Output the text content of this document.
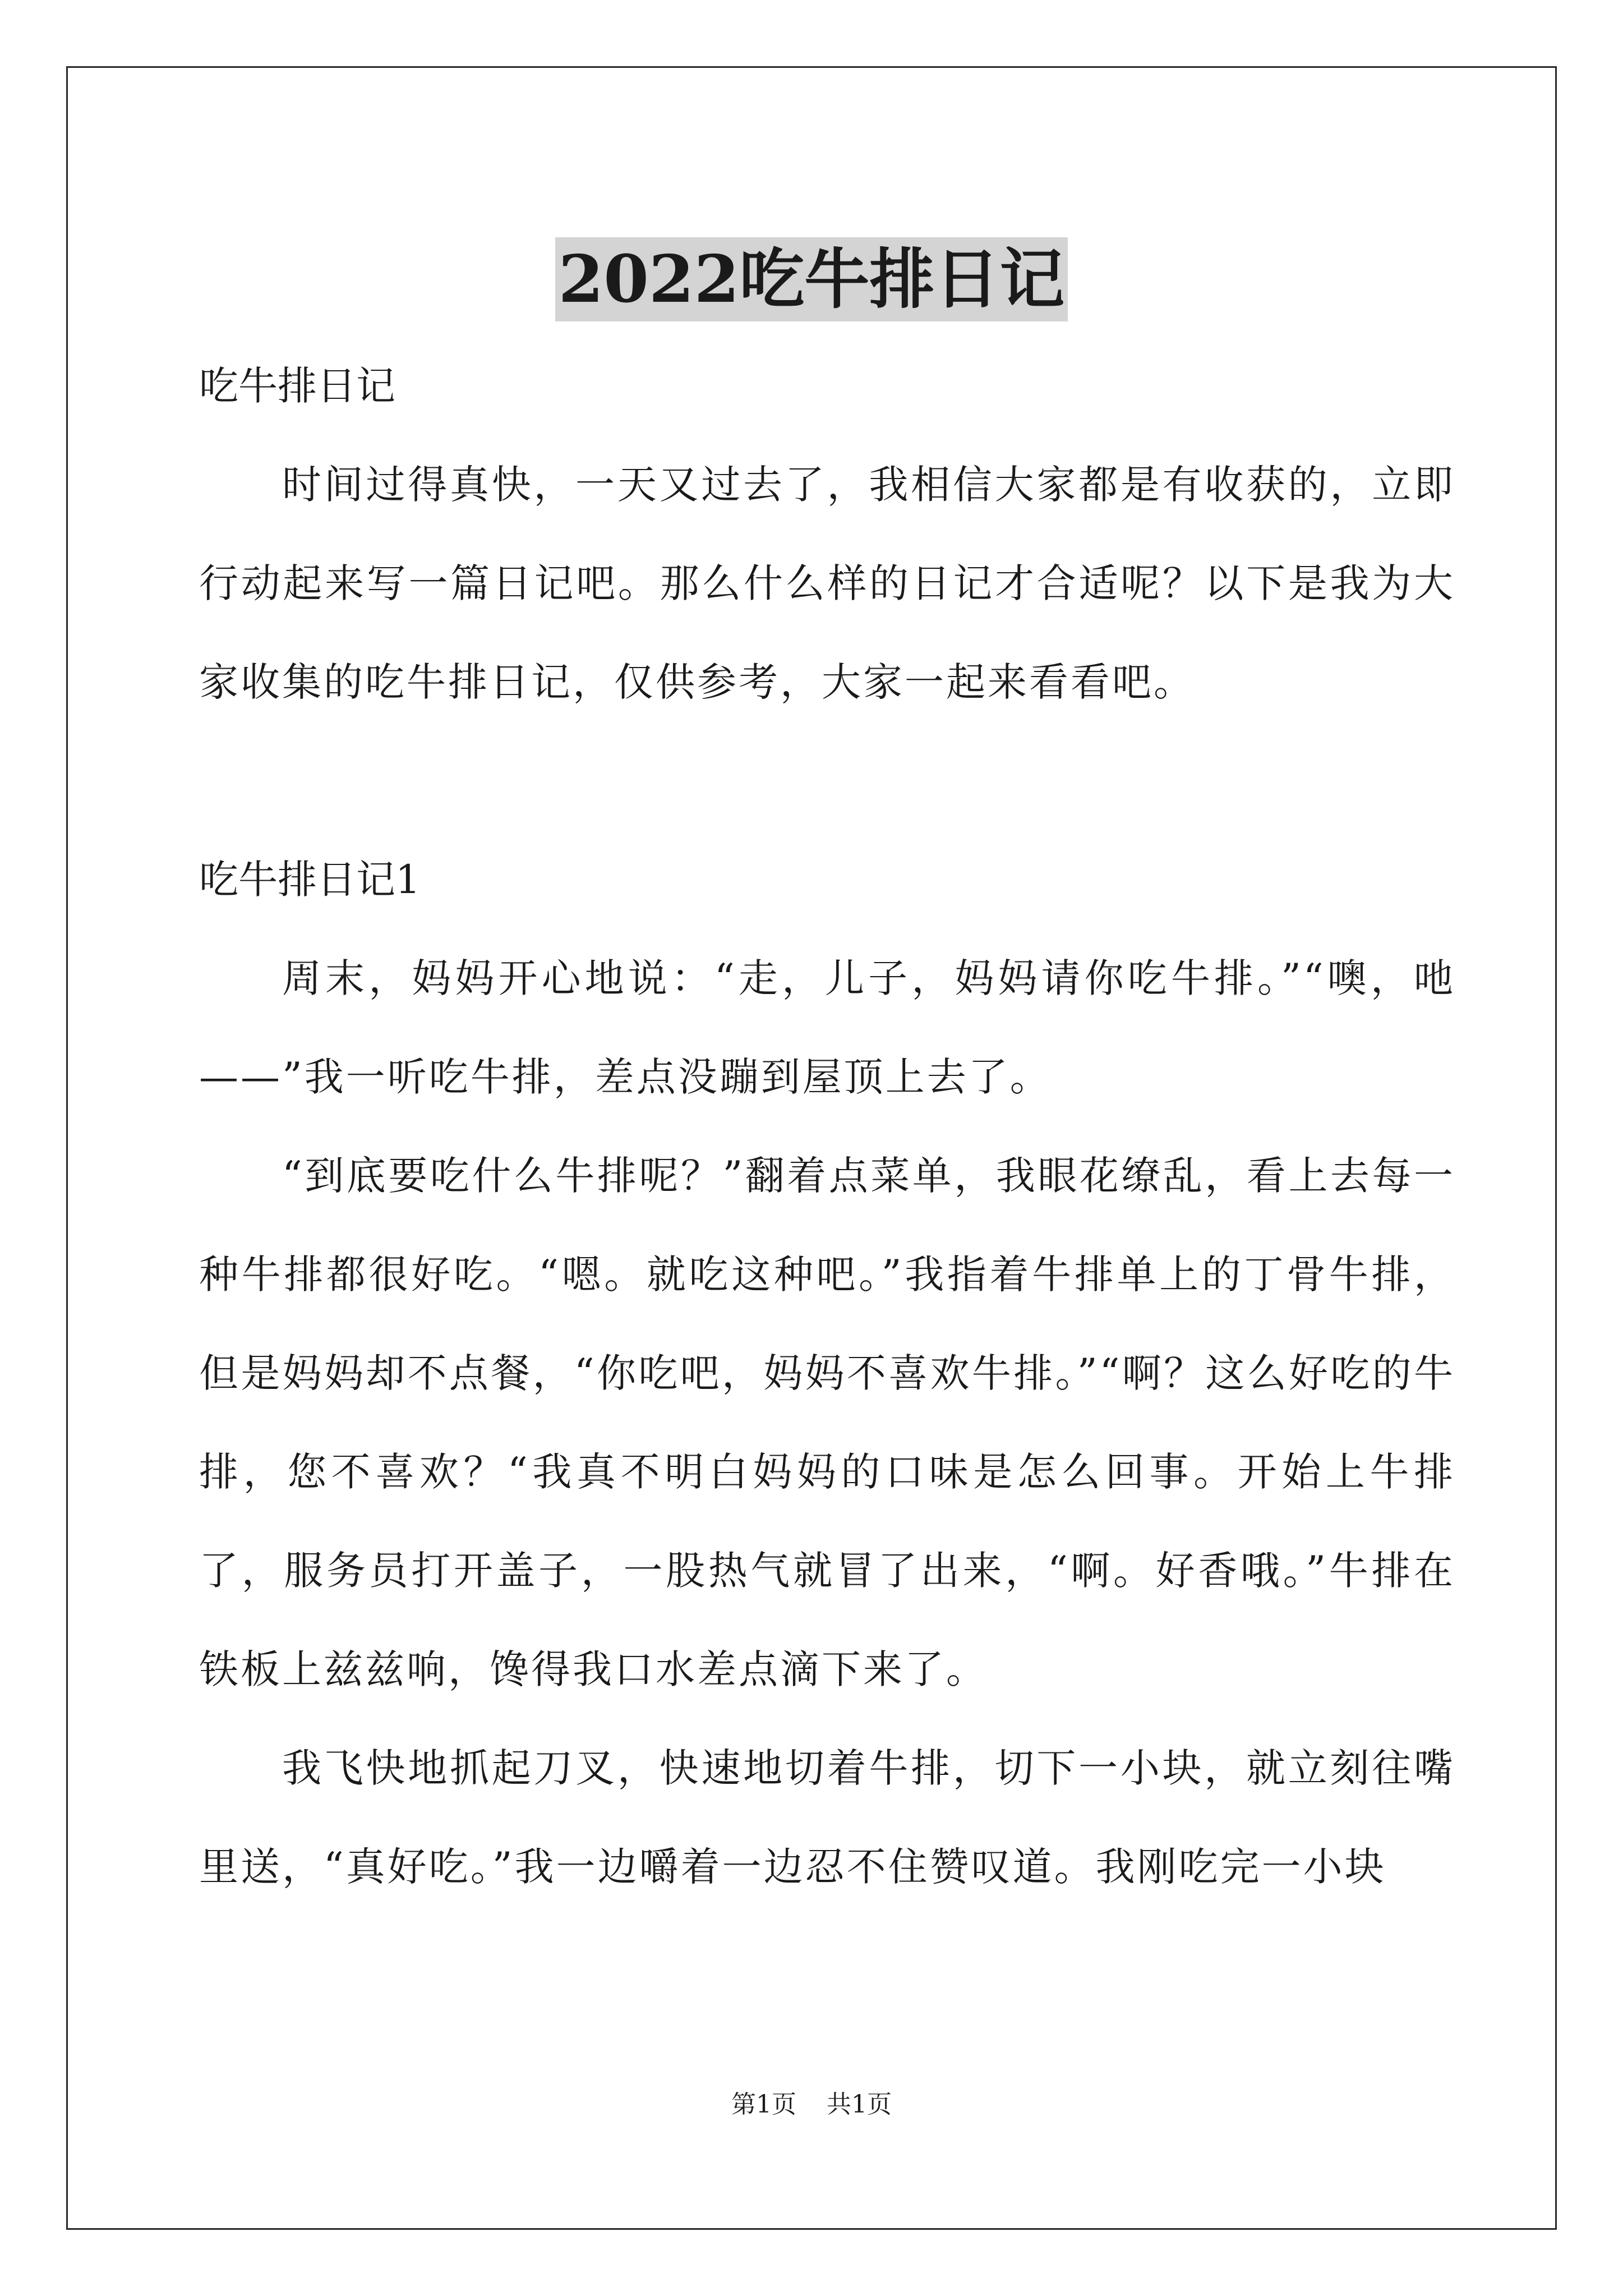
2022吃牛排日记

吃牛排日记

时间过得真快，一天又过去了，我相信大家都是有收获的，立即行动起来写一篇日记吧。那么什么样的日记才合适呢？以下是我为大家收集的吃牛排日记，仅供参考，大家一起来看看吧。

吃牛排日记1

周末，妈妈开心地说：“走，儿子，妈妈请你吃牛排。”“噢，吔——”我一听吃牛排，差点没蹦到屋顶上去了。

“到底要吃什么牛排呢？”翻着点菜单，我眼花缭乱，看上去每一种牛排都很好吃。“嗯。就吃这种吧。”我指着牛排单上的丁骨牛排，但是妈妈却不点餐，“你吃吧，妈妈不喜欢牛排。”“啊？这么好吃的牛排，您不喜欢？“我真不明白妈妈的口味是怎么回事。开始上牛排了，服务员打开盖子，一股热气就冒了出来，“啊。好香哦。”牛排在铁板上兹兹响，馋得我口水差点滴下来了。

我飞快地抓起刀叉，快速地切着牛排，切下一小块，就立刻往嘴里送，“真好吃。”我一边嚼着一边忍不住赞叹道。我刚吃完一小块

第1页 共1页
